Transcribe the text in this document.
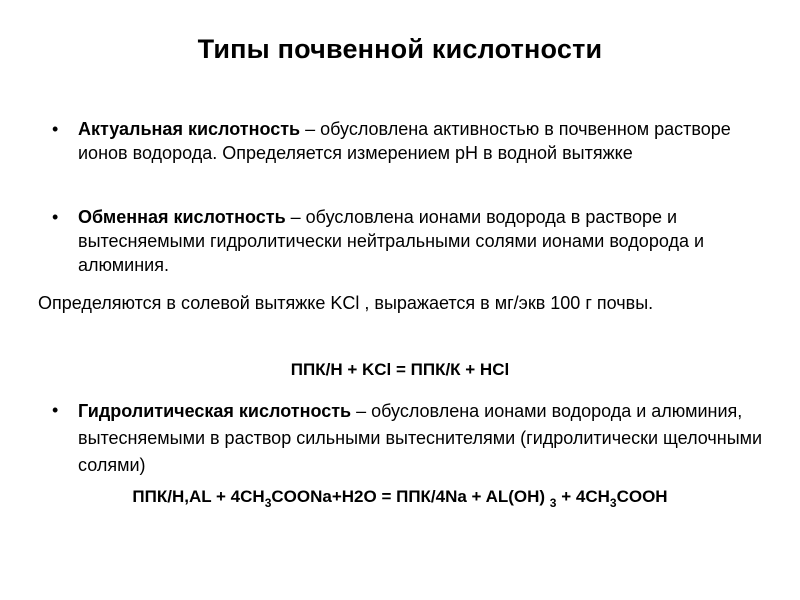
Типы почвенной кислотности
• Актуальная кислотность – обусловлена активностью в почвенном растворе ионов водорода. Определяется измерением pH в водной вытяжке
• Обменная кислотность – обусловлена ионами водорода в растворе и вытесняемыми гидролитически нейтральными солями ионами водорода и алюминия.
Определяются в солевой вытяжке KCl , выражается в мг/экв 100 г почвы.
ППК/Н + KCl = ППК/К + HCl
• Гидролитическая кислотность – обусловлена ионами водорода и алюминия, вытесняемыми в раствор сильными вытеснителями (гидролитически щелочными солями)
$ППК/H,AL + 4CH_3COONa+H2O = ППК/4Na + AL(OH) _3$ + $4CH_3COOH$
